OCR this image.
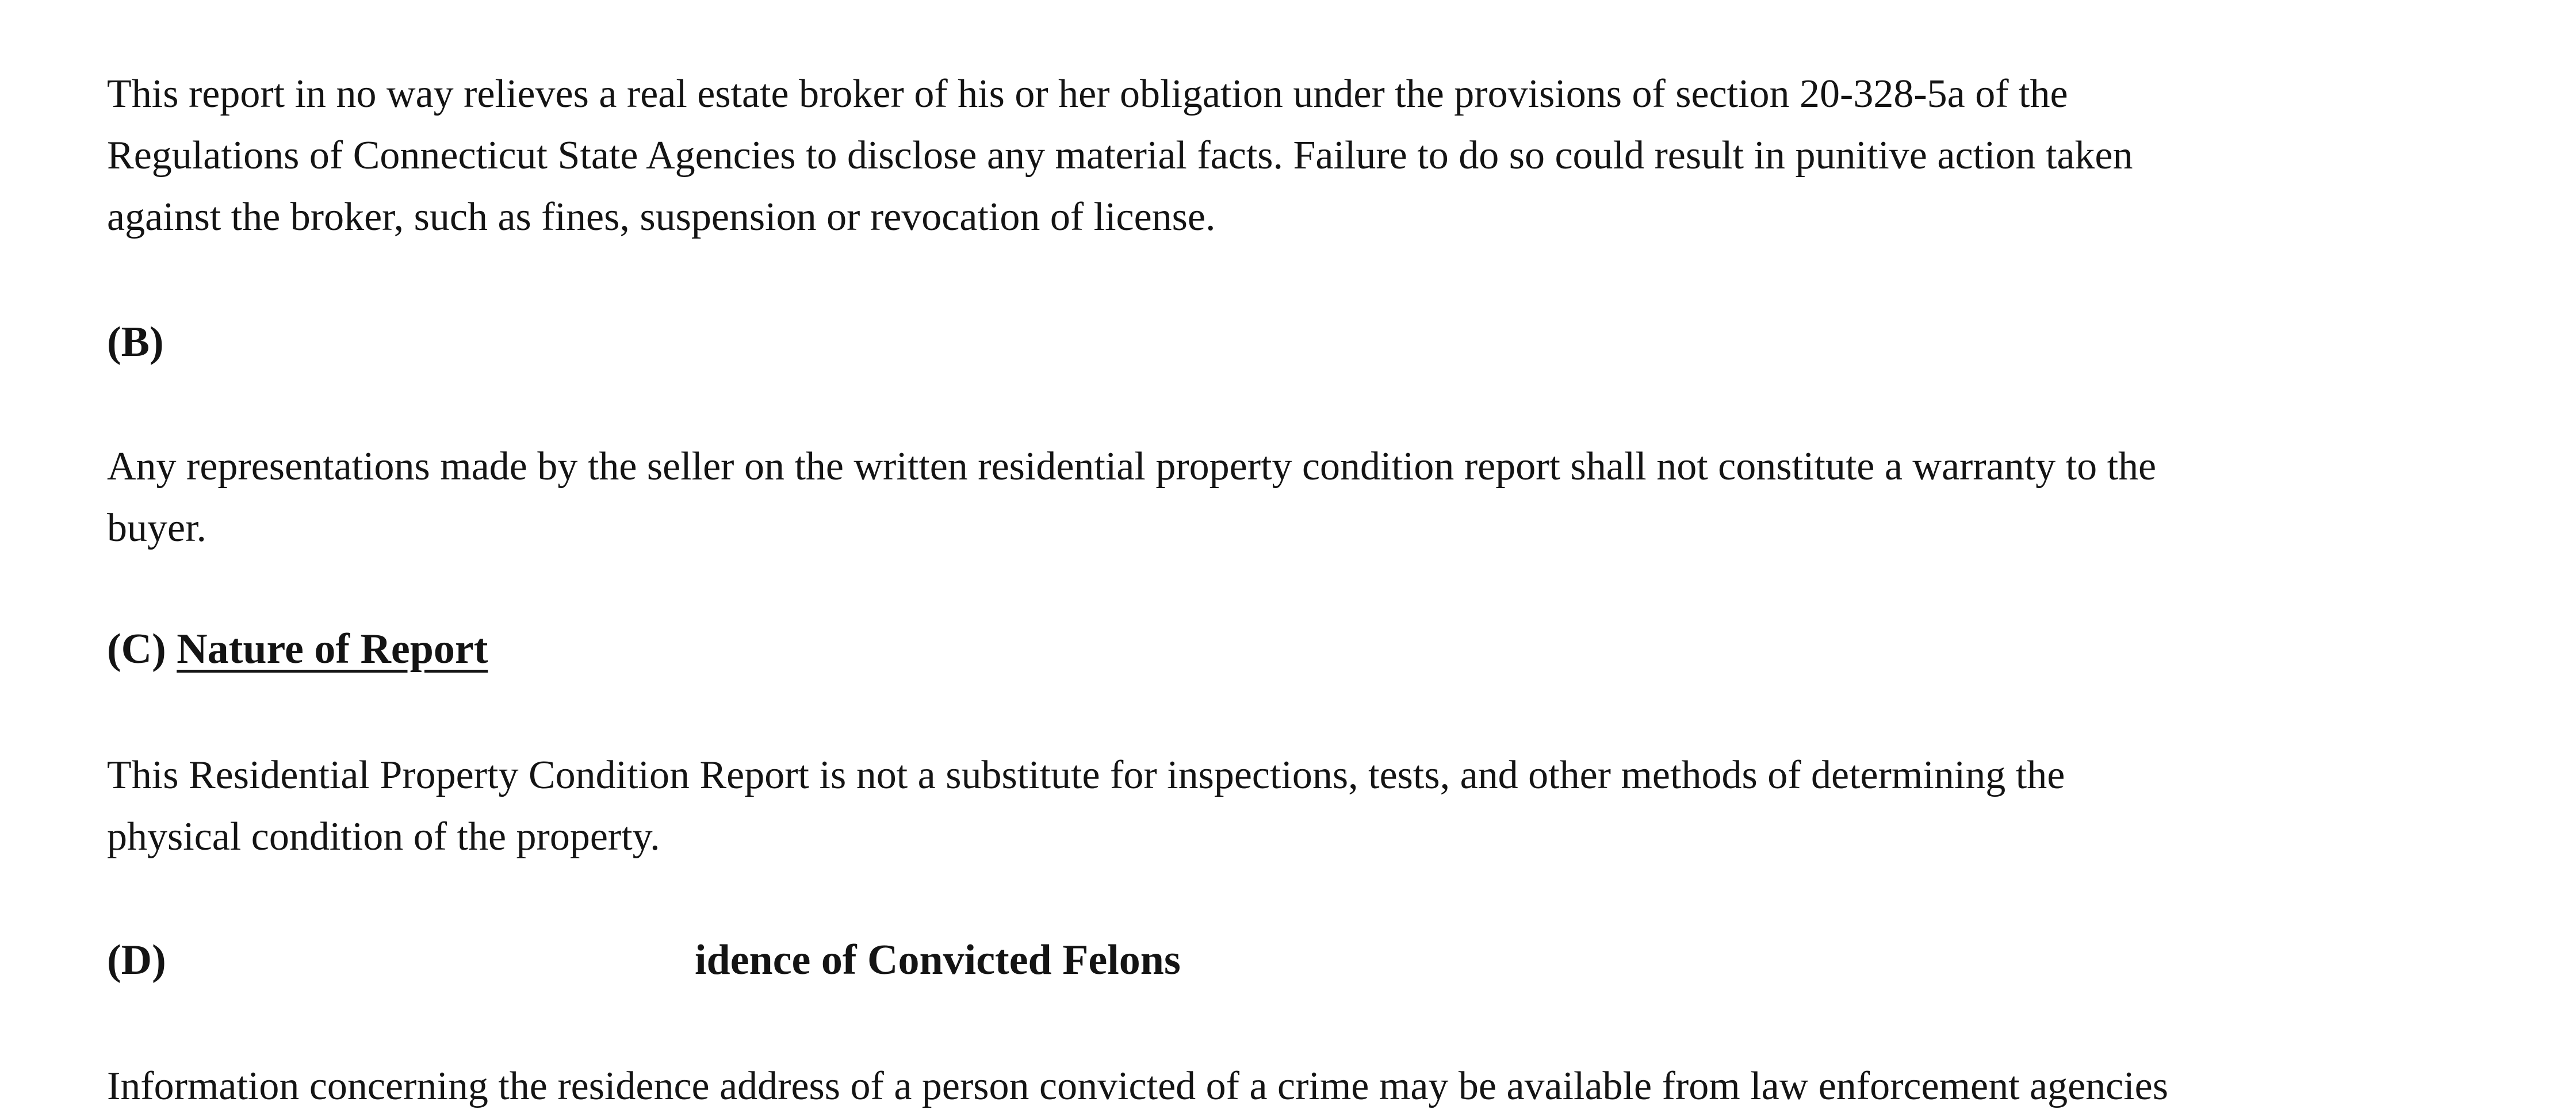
This report in no way relieves a real estate broker of his or her obligation under the provisions of section 20-328-5a of the
Regulations of Connecticut State Agencies to disclose any material facts. Failure to do so could result in punitive action taken
against the broker, such as fines, suspension or revocation of license.

(B)

Any representations made by the seller on the written residential property condition report shall not constitute a warranty to the
buyer.

(C) Nature of Report

This Residential Property Condition Report is not a substitute for inspections, tests, and other methods of determining the
physical condition of the property.

(D)	idence of Convicted Felons
Information concerning the residence address of a person convicted of a crime may be available from law enforcement agencies
